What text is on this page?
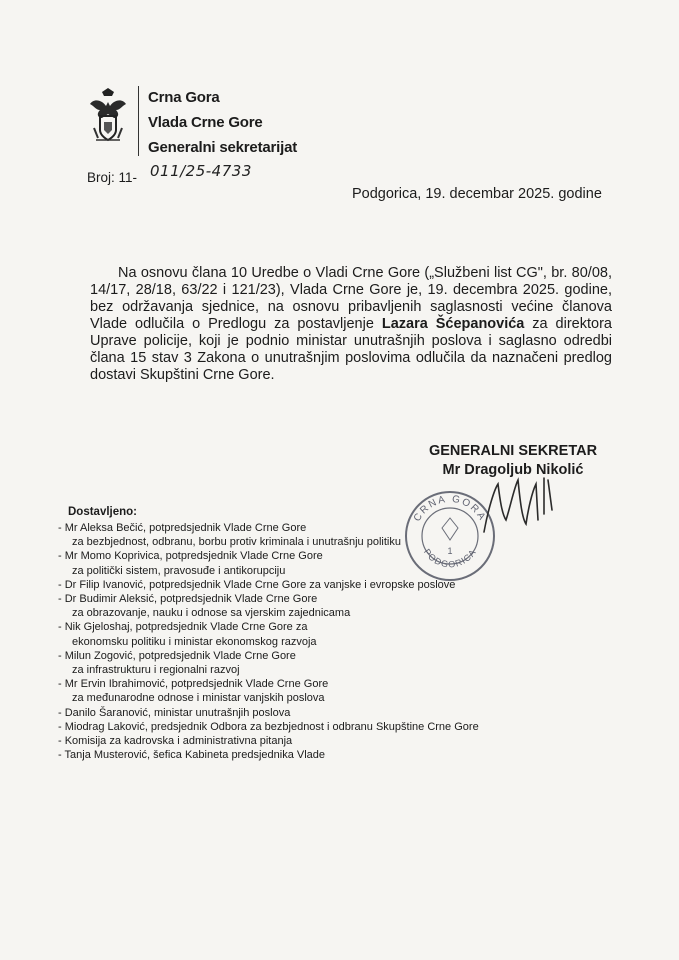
Crna Gora
Vlada Crne Gore
Generalni sekretarijat
Broj: 11- 011/25-4733
Podgorica, 19. decembar 2025. godine

Na osnovu člana 10 Uredbe o Vladi Crne Gore („Službeni list CG", br. 80/08, 14/17, 28/18, 63/22 i 121/23), Vlada Crne Gore je, 19. decembra 2025. godine, bez održavanja sjednice, na osnovu pribavljenih saglasnosti većine članova Vlade odlučila o Predlogu za postavljenje Lazara Šćepanovića za direktora Uprave policije, koji je podnio ministar unutrašnjih poslova i saglasno odredbi člana 15 stav 3 Zakona o unutrašnjim poslovima odlučila da naznačeni predlog dostavi Skupštini Crne Gore.

GENERALNI SEKRETAR
Mr Dragoljub Nikolić
CRNA GORA
PODGORICA
1
Dostavljeno:
- Mr Aleksa Bečić, potpredsjednik Vlade Crne Gore
za bezbjednost, odbranu, borbu protiv kriminala i unutrašnju politiku
- Mr Momo Koprivica, potpredsjednik Vlade Crne Gore
za politički sistem, pravosuđe i antikorupciju
- Dr Filip Ivanović, potpredsjednik Vlade Crne Gore za vanjske i evropske poslove
- Dr Budimir Aleksić, potpredsjednik Vlade Crne Gore
za obrazovanje, nauku i odnose sa vjerskim zajednicama
- Nik Gjeloshaj, potpredsjednik Vlade Crne Gore za
ekonomsku politiku i ministar ekonomskog razvoja
- Milun Zogović, potpredsjednik Vlade Crne Gore
za infrastrukturu i regionalni razvoj
- Mr Ervin Ibrahimović, potpredsjednik Vlade Crne Gore
za međunarodne odnose i ministar vanjskih poslova
- Danilo Šaranović, ministar unutrašnjih poslova
- Miodrag Laković, predsjednik Odbora za bezbjednost i odbranu Skupštine Crne Gore
- Komisija za kadrovska i administrativna pitanja
- Tanja Musterović, šefica Kabineta predsjednika Vlade
